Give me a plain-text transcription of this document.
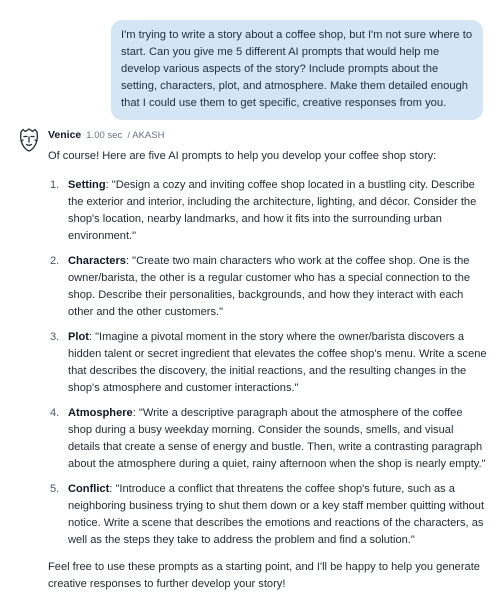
I'm trying to write a story about a coffee shop, but I'm not sure where to start. Can you give me 5 different AI prompts that would help me develop various aspects of the story? Include prompts about the setting, characters, plot, and atmosphere. Make them detailed enough that I could use them to get specific, creative responses from you.
Venice 1.00 sec / AKASH

Of course! Here are five AI prompts to help you develop your coffee shop story:

1. Setting: "Design a cozy and inviting coffee shop located in a bustling city. Describe the exterior and interior, including the architecture, lighting, and décor. Consider the shop's location, nearby landmarks, and how it fits into the surrounding urban environment."
2. Characters: "Create two main characters who work at the coffee shop. One is the owner/barista, the other is a regular customer who has a special connection to the shop. Describe their personalities, backgrounds, and how they interact with each other and the other customers."
3. Plot: "Imagine a pivotal moment in the story where the owner/barista discovers a hidden talent or secret ingredient that elevates the coffee shop's menu. Write a scene that describes the discovery, the initial reactions, and the resulting changes in the shop's atmosphere and customer interactions."
4. Atmosphere: "Write a descriptive paragraph about the atmosphere of the coffee shop during a busy weekday morning. Consider the sounds, smells, and visual details that create a sense of energy and bustle. Then, write a contrasting paragraph about the atmosphere during a quiet, rainy afternoon when the shop is nearly empty."
5. Conflict: "Introduce a conflict that threatens the coffee shop's future, such as a neighboring business trying to shut them down or a key staff member quitting without notice. Write a scene that describes the emotions and reactions of the characters, as well as the steps they take to address the problem and find a solution."

Feel free to use these prompts as a starting point, and I'll be happy to help you generate creative responses to further develop your story!
